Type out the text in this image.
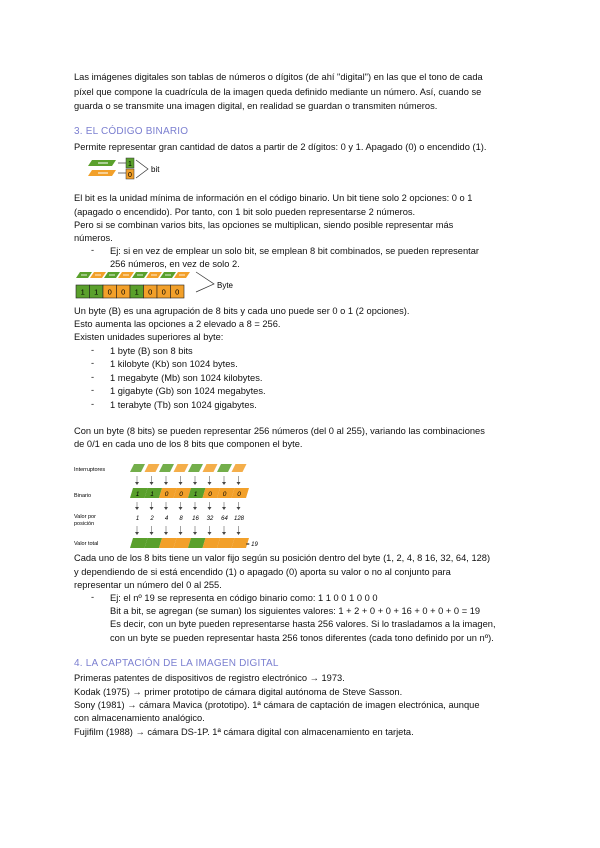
Las imágenes digitales son tablas de números o dígitos (de ahí "digital") en las que el tono de cada
píxel que compone la cuadrícula de la imagen queda definido mediante un número. Así, cuando se
guarda o se transmite una imagen digital, en realidad se guardan o transmiten números.
3. EL CÓDIGO BINARIO
Permite representar gran cantidad de datos a partir de 2 dígitos: 0 y 1. Apagado (0) o encendido (1).
1
0
bit
El bit es la unidad mínima de información en el código binario. Un bit tiene solo 2 opciones: 0 o 1
(apagado o encendido). Por tanto, con 1 bit solo pueden representarse 2 números.
Pero si se combinan varios bits, las opciones se multiplican, siendo posible representar más
números.
- Ej: si en vez de emplear un solo bit, se emplean 8 bit combinados, se pueden representar
256 números, en vez de solo 2.
1 1 0 0 1 0 0 0
Byte
Un byte (B) es una agrupación de 8 bits y cada uno puede ser 0 o 1 (2 opciones).
Esto aumenta las opciones a 2 elevado a 8 = 256.
Existen unidades superiores al byte:
- 1 byte (B) son 8 bits
- 1 kilobyte (Kb) son 1024 bytes.
- 1 megabyte (Mb) son 1024 kilobytes.
- 1 gigabyte (Gb) son 1024 megabytes.
- 1 terabyte (Tb) son 1024 gigabytes.
Con un byte (8 bits) se pueden representar 256 números (del 0 al 255), variando las combinaciones
de 0/1 en cada uno de los 8 bits que componen el byte.
Interruptores
Binario
Valor por
posición
Valor total
1 1 0 0 1 0 0 0
1 2 4 8 16 32 64 128
= 19
Cada uno de los 8 bits tiene un valor fijo según su posición dentro del byte (1, 2, 4, 8 16, 32, 64, 128)
y dependiendo de si está encendido (1) o apagado (0) aporta su valor o no al conjunto para
representar un número del 0 al 255.
- Ej: el nº 19 se representa en código binario como: 1 1 0 0 1 0 0 0
Bit a bit, se agregan (se suman) los siguientes valores: 1 + 2 + 0 + 0 + 16 + 0 + 0 + 0 = 19
Es decir, con un byte pueden representarse hasta 256 valores. Si lo trasladamos a la imagen,
con un byte se pueden representar hasta 256 tonos diferentes (cada tono definido por un nº).
4. LA CAPTACIÓN DE LA IMAGEN DIGITAL
Primeras patentes de dispositivos de registro electrónico → 1973.
Kodak (1975) → primer prototipo de cámara digital autónoma de Steve Sasson.
Sony (1981) → cámara Mavica (prototipo). 1ª cámara de captación de imagen electrónica, aunque
con almacenamiento analógico.
Fujifilm (1988) → cámara DS-1P. 1ª cámara digital con almacenamiento en tarjeta.
